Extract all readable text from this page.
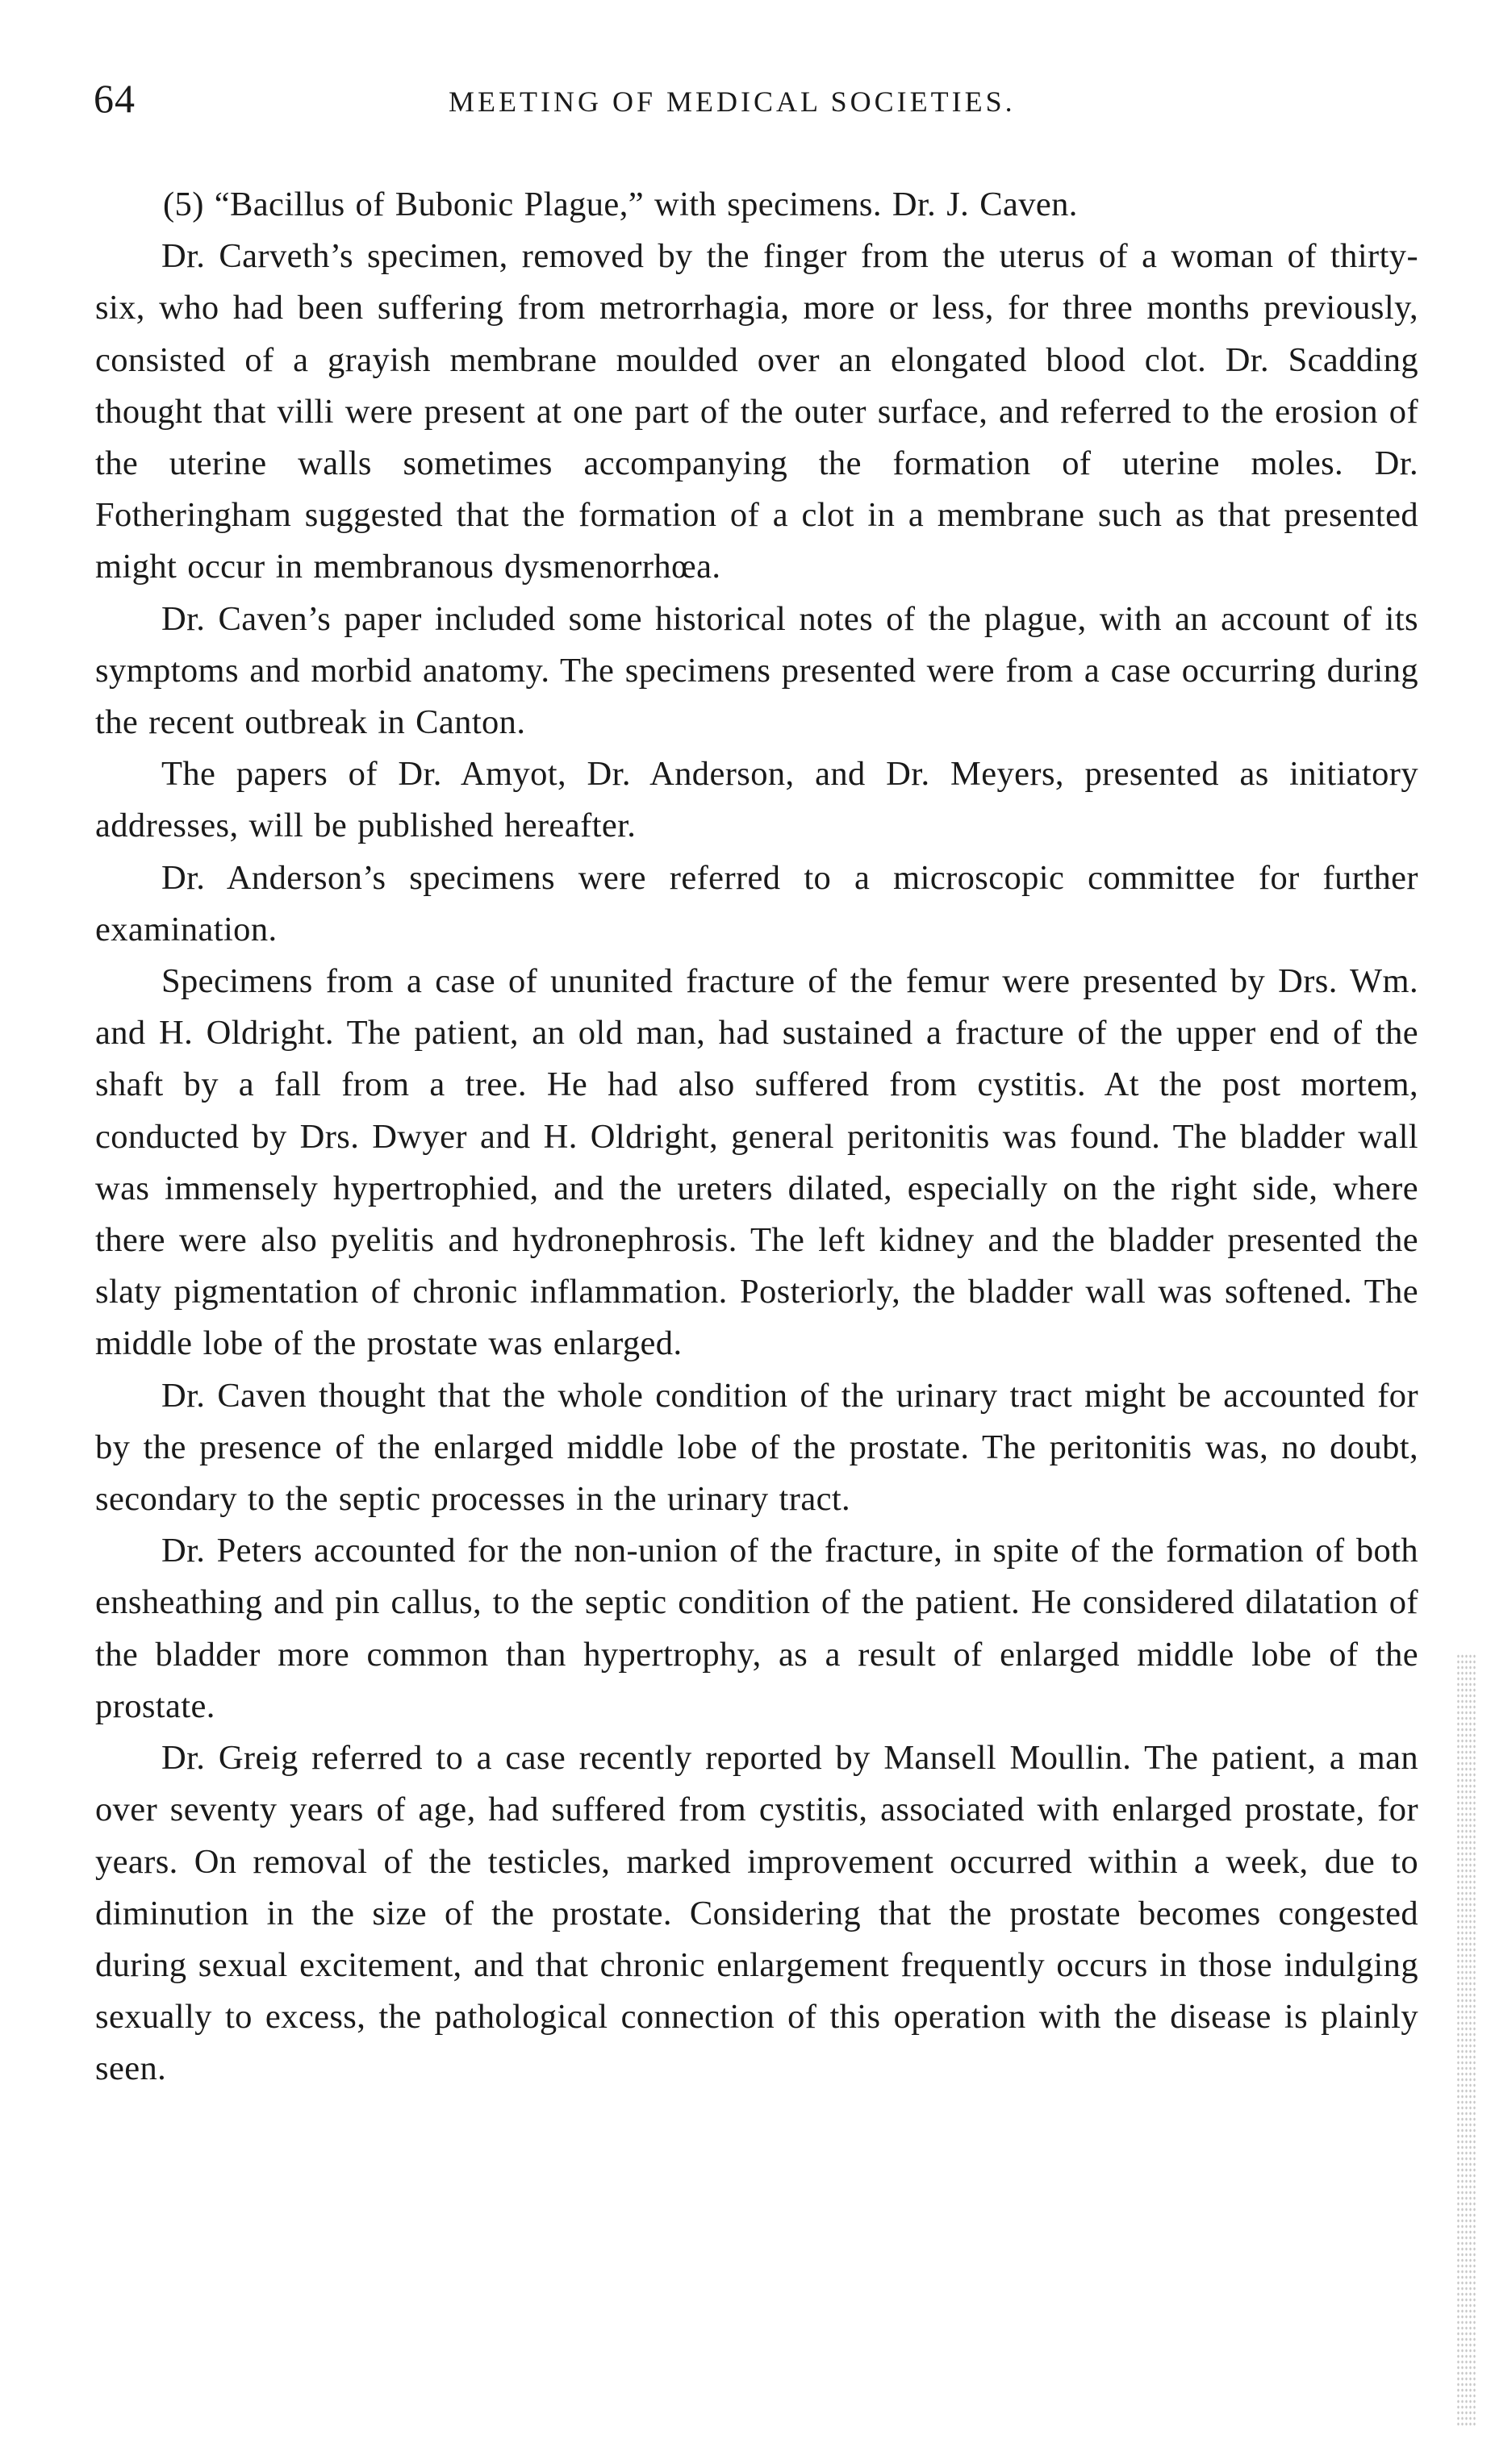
64	MEETING OF MEDICAL SOCIETIES.

(5) “Bacillus of Bubonic Plague,” with specimens. Dr. J. Caven.

Dr. Carveth’s specimen, removed by the finger from the uterus of a woman of thirty-six, who had been suffering from metrorrhagia, more or less, for three months previously, consisted of a grayish membrane moulded over an elongated blood clot. Dr. Scadding thought that villi were present at one part of the outer surface, and referred to the erosion of the uterine walls sometimes accompanying the formation of uterine moles. Dr. Fotheringham suggested that the formation of a clot in a membrane such as that presented might occur in membranous dysmenorrhœa.

Dr. Caven’s paper included some historical notes of the plague, with an account of its symptoms and morbid anatomy. The specimens presented were from a case occurring during the recent outbreak in Canton.

The papers of Dr. Amyot, Dr. Anderson, and Dr. Meyers, presented as initiatory addresses, will be published hereafter.

Dr. Anderson’s specimens were referred to a microscopic committee for further examination.

Specimens from a case of ununited fracture of the femur were presented by Drs. Wm. and H. Oldright. The patient, an old man, had sustained a fracture of the upper end of the shaft by a fall from a tree. He had also suffered from cystitis. At the post mortem, conducted by Drs. Dwyer and H. Oldright, general peritonitis was found. The bladder wall was immensely hypertrophied, and the ureters dilated, especially on the right side, where there were also pyelitis and hydronephrosis. The left kidney and the bladder presented the slaty pigmentation of chronic inflammation. Posteriorly, the bladder wall was softened. The middle lobe of the prostate was enlarged.

Dr. Caven thought that the whole condition of the urinary tract might be accounted for by the presence of the enlarged middle lobe of the prostate. The peritonitis was, no doubt, secondary to the septic processes in the urinary tract.

Dr. Peters accounted for the non-union of the fracture, in spite of the formation of both ensheathing and pin callus, to the septic condition of the patient. He considered dilatation of the bladder more common than hypertrophy, as a result of enlarged middle lobe of the prostate.

Dr. Greig referred to a case recently reported by Mansell Moullin. The patient, a man over seventy years of age, had suffered from cystitis, associated with enlarged prostate, for years. On removal of the testicles, marked improvement occurred within a week, due to diminution in the size of the prostate. Considering that the prostate becomes congested during sexual excitement, and that chronic enlargement frequently occurs in those indulging sexually to excess, the pathological connection of this operation with the disease is plainly seen.
